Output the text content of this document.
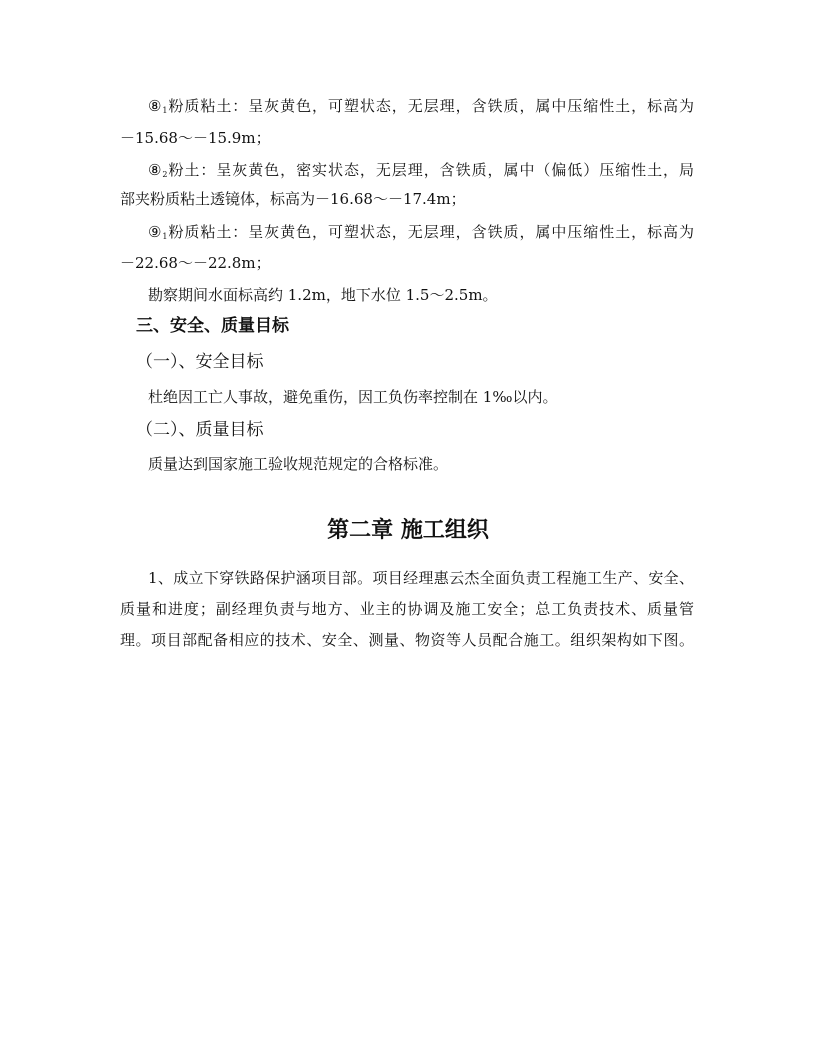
$⑧_1$粉质粘土：呈灰黄色，可塑状态，无层理，含铁质，属中压缩性土，标高为
－15.68～－15.9m；
$⑧_2$粉土：呈灰黄色，密实状态，无层理，含铁质，属中（偏低）压缩性土，局
部夹粉质粘土透镜体，标高为－16.68～－17.4m；
$⑨_1$粉质粘土：呈灰黄色，可塑状态，无层理，含铁质，属中压缩性土，标高为
－22.68～－22.8m；
勘察期间水面标高约 1.2m，地下水位 1.5～2.5m。
三、安全、质量目标
（一）、安全目标
杜绝因工亡人事故，避免重伤，因工负伤率控制在 1‰以内。
（二）、质量目标
质量达到国家施工验收规范规定的合格标准。
第二章 施工组织
1、成立下穿铁路保护涵项目部。项目经理惠云杰全面负责工程施工生产、安全、
质量和进度；副经理负责与地方、业主的协调及施工安全；总工负责技术、质量管
理。项目部配备相应的技术、安全、测量、物资等人员配合施工。组织架构如下图。
